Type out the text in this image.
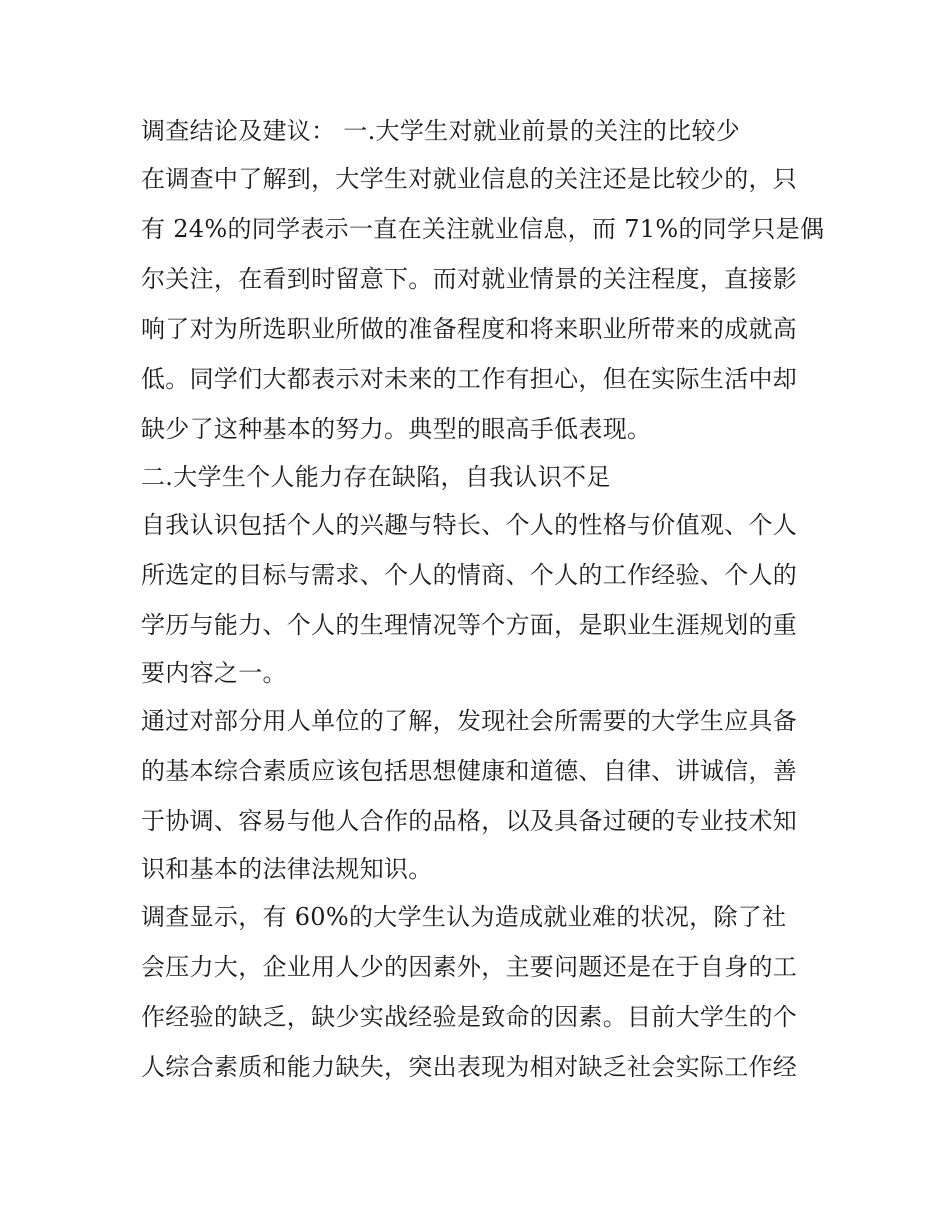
调查结论及建议： 一.大学生对就业前景的关注的比较少
在调查中了解到，大学生对就业信息的关注还是比较少的，只
有 24%的同学表示一直在关注就业信息，而 71%的同学只是偶
尔关注，在看到时留意下。而对就业情景的关注程度，直接影
响了对为所选职业所做的准备程度和将来职业所带来的成就高
低。同学们大都表示对未来的工作有担心，但在实际生活中却
缺少了这种基本的努力。典型的眼高手低表现。
二.大学生个人能力存在缺陷，自我认识不足
自我认识包括个人的兴趣与特长、个人的性格与价值观、个人
所选定的目标与需求、个人的情商、个人的工作经验、个人的
学历与能力、个人的生理情况等个方面，是职业生涯规划的重
要内容之一。
通过对部分用人单位的了解，发现社会所需要的大学生应具备
的基本综合素质应该包括思想健康和道德、自律、讲诚信，善
于协调、容易与他人合作的品格，以及具备过硬的专业技术知
识和基本的法律法规知识。
调查显示，有 60%的大学生认为造成就业难的状况，除了社
会压力大，企业用人少的因素外，主要问题还是在于自身的工
作经验的缺乏，缺少实战经验是致命的因素。目前大学生的个
人综合素质和能力缺失，突出表现为相对缺乏社会实际工作经
